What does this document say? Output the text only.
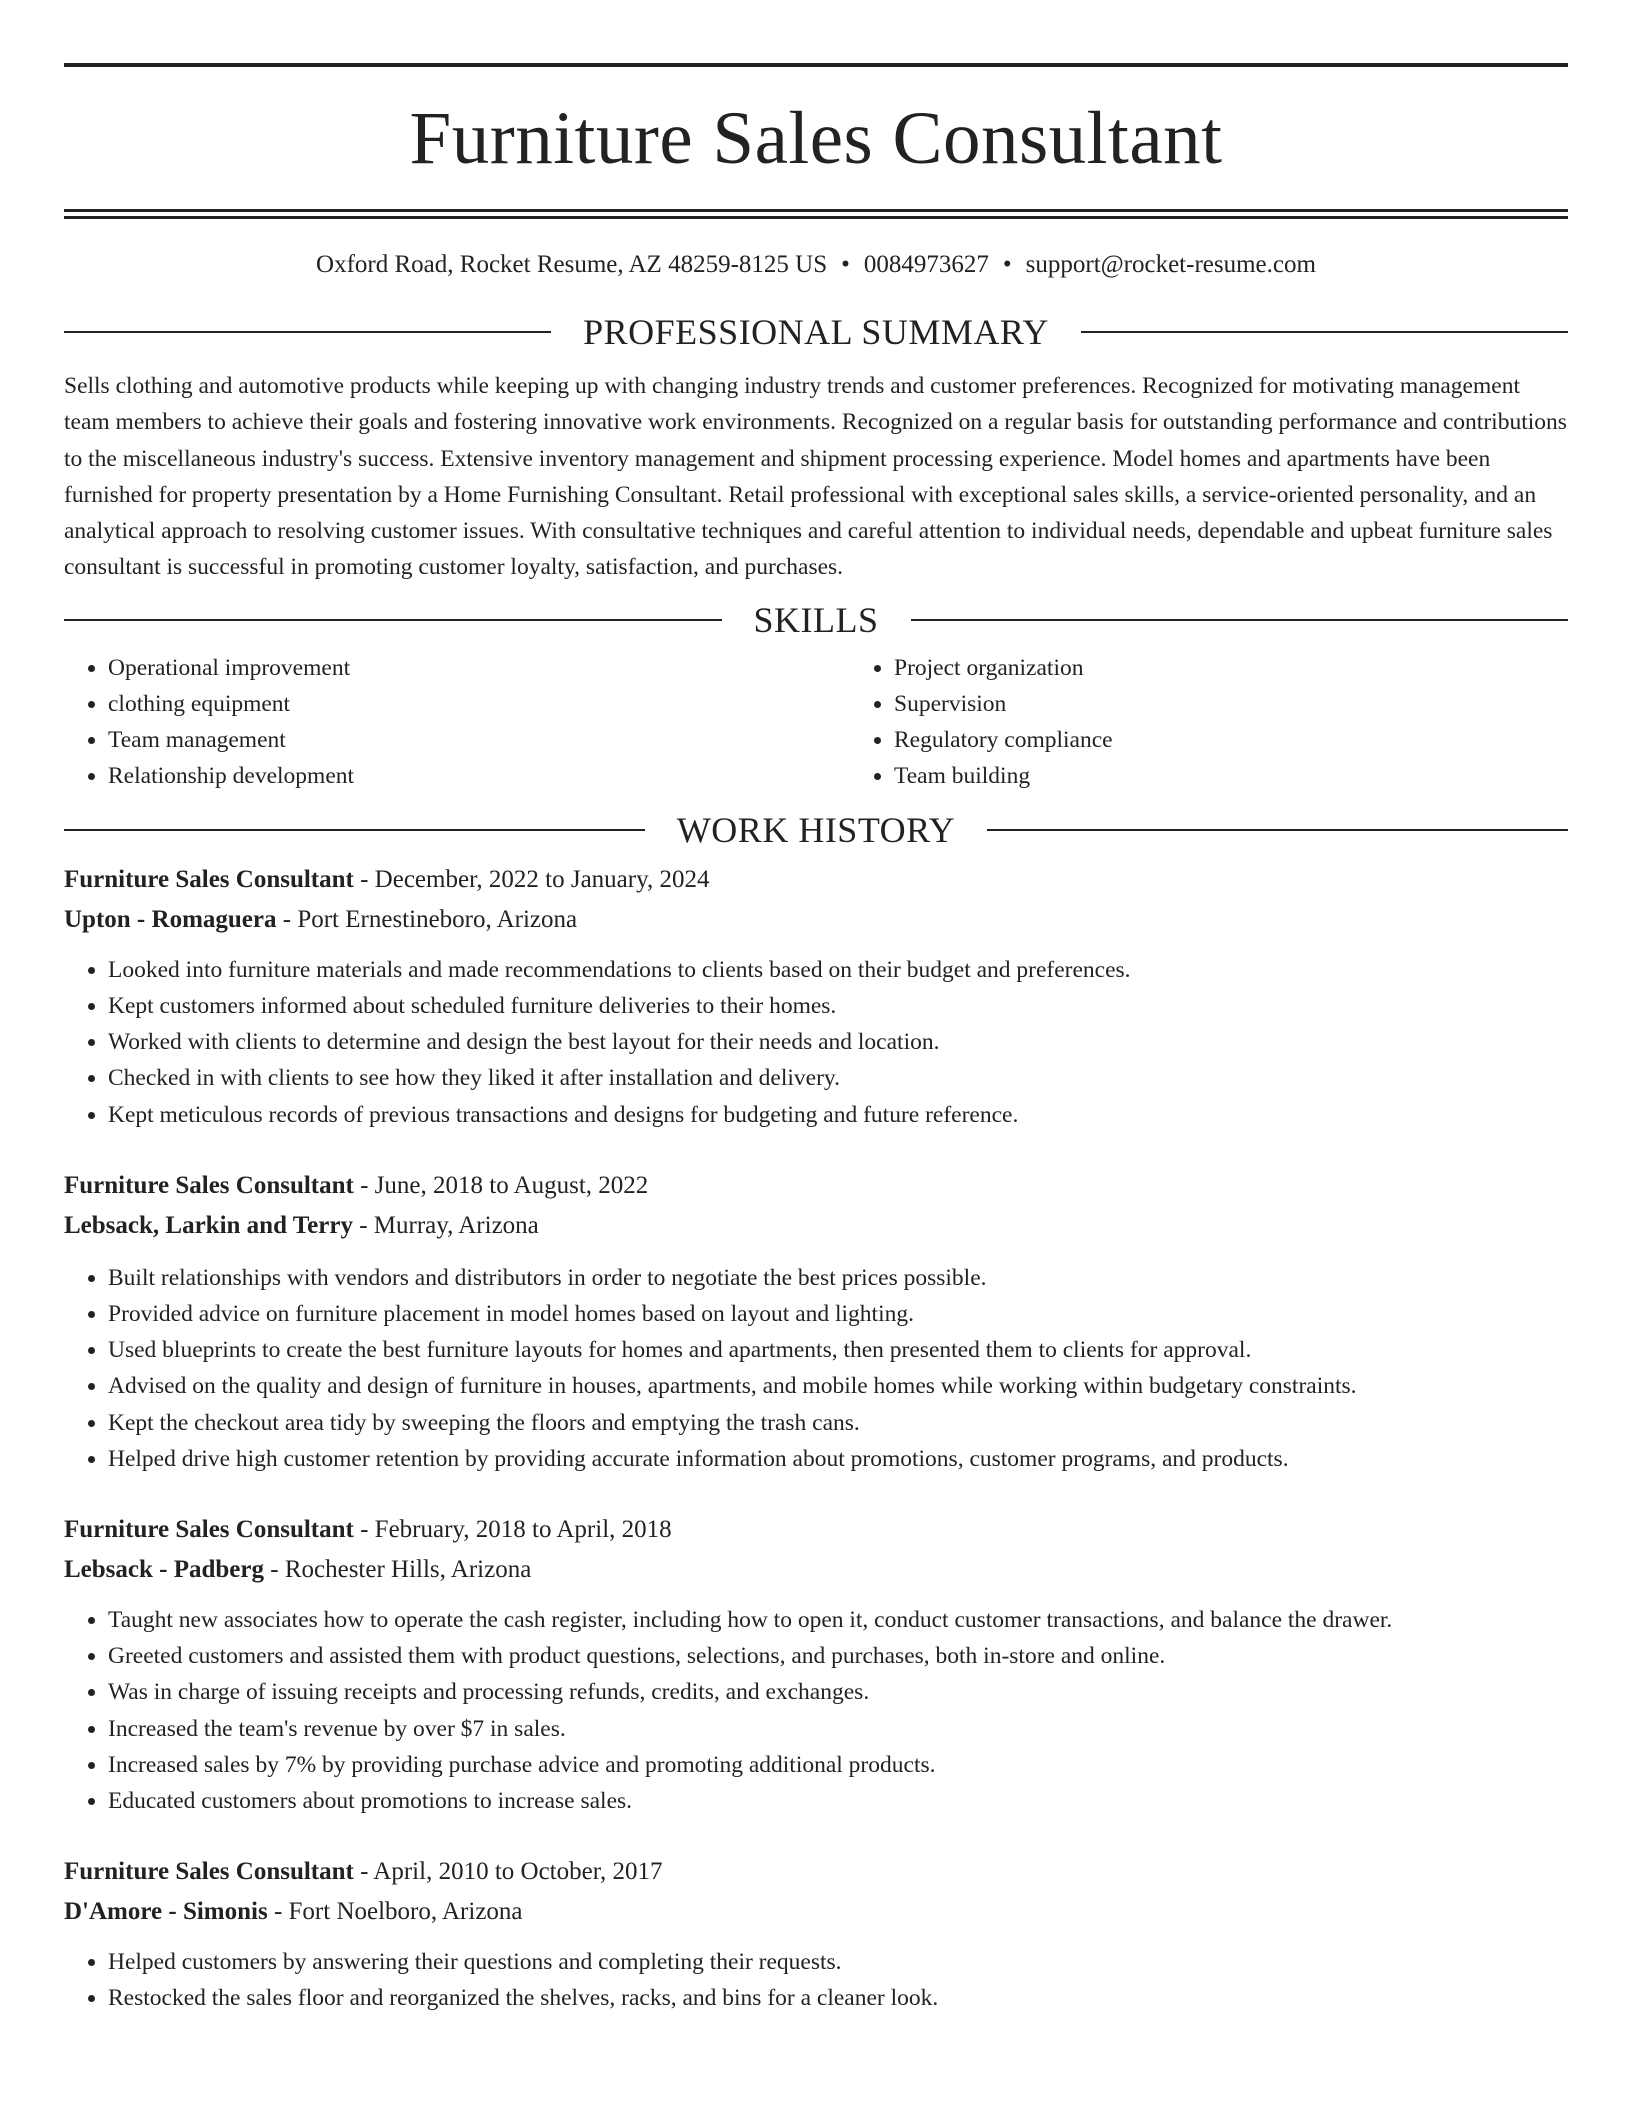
Furniture Sales Consultant
Oxford Road, Rocket Resume, AZ 48259-8125 US • 0084973627 • support@rocket-resume.com
PROFESSIONAL SUMMARY

Sells clothing and automotive products while keeping up with changing industry trends and customer preferences. Recognized for motivating management team members to achieve their goals and fostering innovative work environments. Recognized on a regular basis for outstanding performance and contributions to the miscellaneous industry's success. Extensive inventory management and shipment processing experience. Model homes and apartments have been furnished for property presentation by a Home Furnishing Consultant. Retail professional with exceptional sales skills, a service-oriented personality, and an analytical approach to resolving customer issues. With consultative techniques and careful attention to individual needs, dependable and upbeat furniture sales consultant is successful in promoting customer loyalty, satisfaction, and purchases.

SKILLS
• Operational improvement
• clothing equipment
• Team management
• Relationship development
• Project organization
• Supervision
• Regulatory compliance
• Team building
WORK HISTORY
Furniture Sales Consultant - December, 2022 to January, 2024
Upton - Romaguera - Port Ernestineboro, Arizona
• Looked into furniture materials and made recommendations to clients based on their budget and preferences.
• Kept customers informed about scheduled furniture deliveries to their homes.
• Worked with clients to determine and design the best layout for their needs and location.
• Checked in with clients to see how they liked it after installation and delivery.
• Kept meticulous records of previous transactions and designs for budgeting and future reference.
Furniture Sales Consultant - June, 2018 to August, 2022
Lebsack, Larkin and Terry - Murray, Arizona
• Built relationships with vendors and distributors in order to negotiate the best prices possible.
• Provided advice on furniture placement in model homes based on layout and lighting.
• Used blueprints to create the best furniture layouts for homes and apartments, then presented them to clients for approval.
• Advised on the quality and design of furniture in houses, apartments, and mobile homes while working within budgetary constraints.
• Kept the checkout area tidy by sweeping the floors and emptying the trash cans.
• Helped drive high customer retention by providing accurate information about promotions, customer programs, and products.
Furniture Sales Consultant - February, 2018 to April, 2018
Lebsack - Padberg - Rochester Hills, Arizona
• Taught new associates how to operate the cash register, including how to open it, conduct customer transactions, and balance the drawer.
• Greeted customers and assisted them with product questions, selections, and purchases, both in-store and online.
• Was in charge of issuing receipts and processing refunds, credits, and exchanges.
• Increased the team's revenue by over $7 in sales.
• Increased sales by 7% by providing purchase advice and promoting additional products.
• Educated customers about promotions to increase sales.
Furniture Sales Consultant - April, 2010 to October, 2017
D'Amore - Simonis - Fort Noelboro, Arizona
• Helped customers by answering their questions and completing their requests.
• Restocked the sales floor and reorganized the shelves, racks, and bins for a cleaner look.
